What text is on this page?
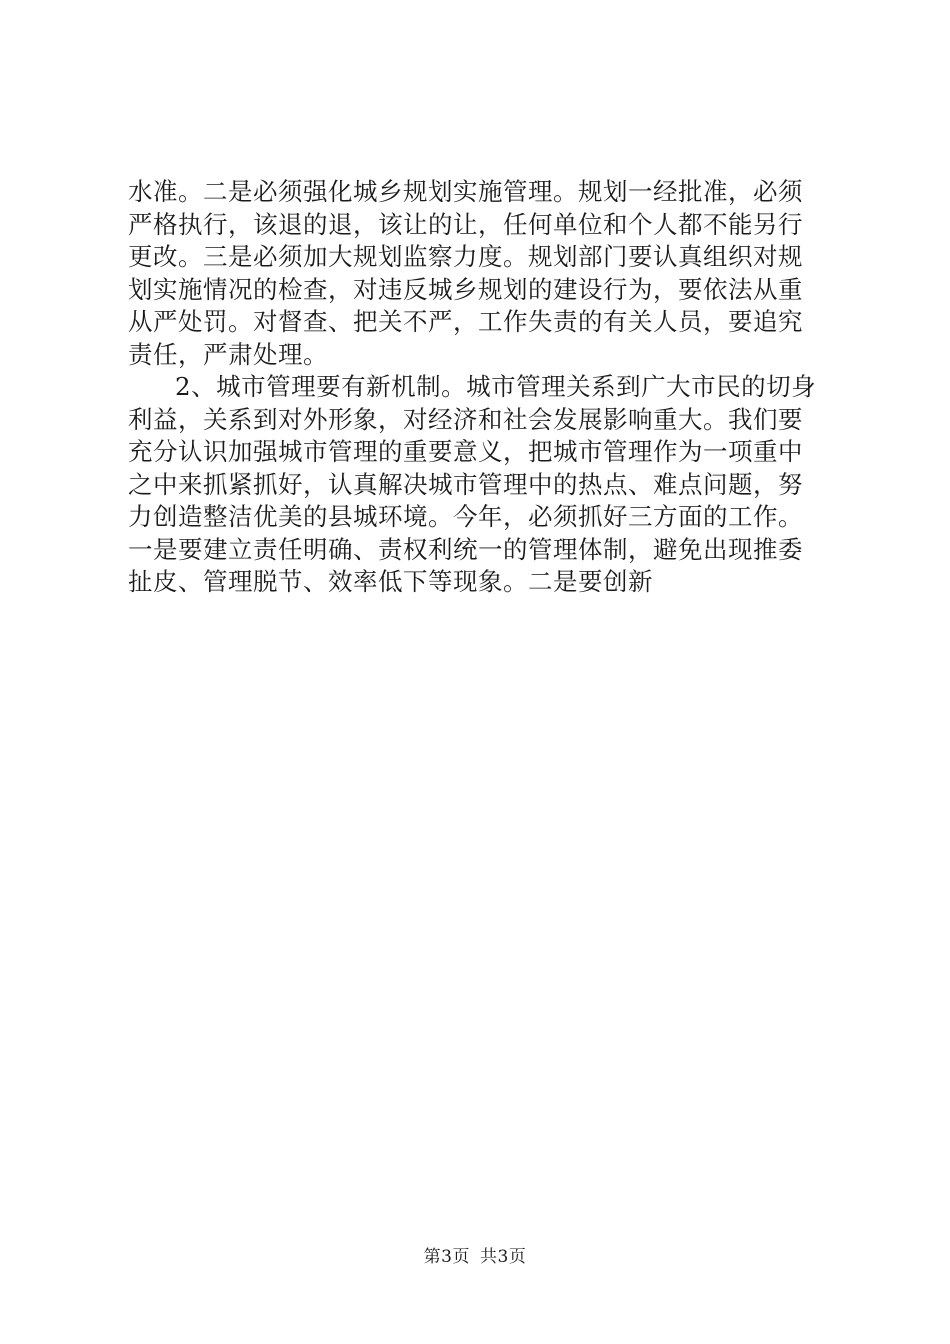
水准。二是必须强化城乡规划实施管理。规划一经批准，必须
严格执行，该退的退，该让的让，任何单位和个人都不能另行
更改。三是必须加大规划监察力度。规划部门要认真组织对规
划实施情况的检查，对违反城乡规划的建设行为，要依法从重
从严处罚。对督查、把关不严，工作失责的有关人员，要追究
责任，严肃处理。
2、城市管理要有新机制。城市管理关系到广大市民的切身
利益，关系到对外形象，对经济和社会发展影响重大。我们要
充分认识加强城市管理的重要意义，把城市管理作为一项重中
之中来抓紧抓好，认真解决城市管理中的热点、难点问题，努
力创造整洁优美的县城环境。今年，必须抓好三方面的工作。
一是要建立责任明确、责权利统一的管理体制，避免出现推委
扯皮、管理脱节、效率低下等现象。二是要创新
第3页 共3页
